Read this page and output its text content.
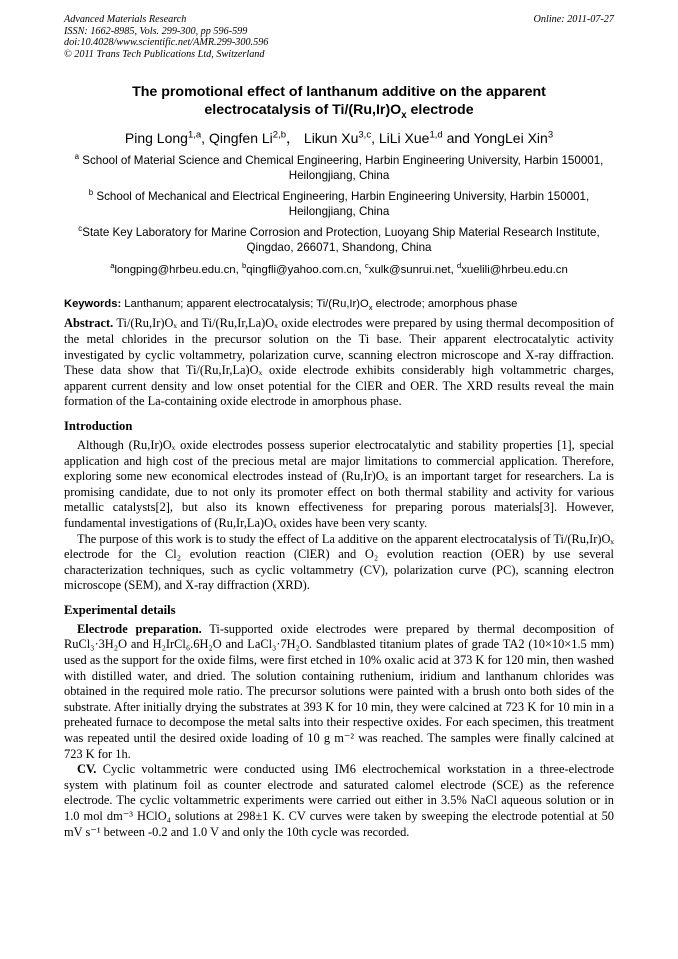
Advanced Materials Research
ISSN: 1662-8985, Vols. 299-300, pp 596-599
doi:10.4028/www.scientific.net/AMR.299-300.596
© 2011 Trans Tech Publications Ltd, Switzerland
Online: 2011-07-27
The promotional effect of lanthanum additive on the apparent
electrocatalysis of $Ti/(Ru,Ir)O_x$ electrode
Ping Long$^{1,a}$, Qingfen Li$^{2,b}$， Likun Xu$^{3,c}$, LiLi Xue$^{1,d}$ and YongLei Xin$^3$
$^a$ School of Material Science and Chemical Engineering, Harbin Engineering University, Harbin 150001, Heilongjiang, China
$^b$ School of Mechanical and Electrical Engineering, Harbin Engineering University, Harbin 150001, Heilongjiang, China
$^c$State Key Laboratory for Marine Corrosion and Protection, Luoyang Ship Material Research Institute, Qingdao, 266071, Shandong, China
$^a$longping@hrbeu.edu.cn, $^b$qingfli@yahoo.com.cn, $^c$xulk@sunrui.net, $^d$xuelili@hrbeu.edu.cn
Keywords: Lanthanum; apparent electrocatalysis; $Ti/(Ru,Ir)O_x$ electrode; amorphous phase
Abstract. Ti/(Ru,Ir)Oₓ and Ti/(Ru,Ir,La)Oₓ oxide electrodes were prepared by using thermal decomposition of the metal chlorides in the precursor solution on the Ti base. Their apparent electrocatalytic activity investigated by cyclic voltammetry, polarization curve, scanning electron microscope and X-ray diffraction. These data show that Ti/(Ru,Ir,La)Oₓ oxide electrode exhibits considerably high voltammetric charges, apparent current density and low onset potential for the ClER and OER. The XRD results reveal the main formation of the La-containing oxide electrode in amorphous phase.
Introduction

Although (Ru,Ir)Oₓ oxide electrodes possess superior electrocatalytic and stability properties [1], special application and high cost of the precious metal are major limitations to commercial application. Therefore, exploring some new economical electrodes instead of (Ru,Ir)Oₓ is an important target for researchers. La is promising candidate, due to not only its promoter effect on both thermal stability and activity for various metallic catalysts[2], but also its known effectiveness for preparing porous materials[3]. However, fundamental investigations of (Ru,Ir,La)Oₓ oxides have been very scanty.

The purpose of this work is to study the effect of La additive on the apparent electrocatalysis of Ti/(Ru,Ir)Oₓ electrode for the Cl₂ evolution reaction (ClER) and O₂ evolution reaction (OER) by use several characterization techniques, such as cyclic voltammetry (CV), polarization curve (PC), scanning electron microscope (SEM), and X-ray diffraction (XRD).

Experimental details

Electrode preparation. Ti-supported oxide electrodes were prepared by thermal decomposition of RuCl₃·3H₂O and H₂IrCl₆.6H₂O and LaCl₃·7H₂O. Sandblasted titanium plates of grade TA2 (10×10×1.5 mm) used as the support for the oxide films, were first etched in 10% oxalic acid at 373 K for 120 min, then washed with distilled water, and dried. The solution containing ruthenium, iridium and lanthanum chlorides was obtained in the required mole ratio. The precursor solutions were painted with a brush onto both sides of the substrate. After initially drying the substrates at 393 K for 10 min, they were calcined at 723 K for 10 min in a preheated furnace to decompose the metal salts into their respective oxides. For each specimen, this treatment was repeated until the desired oxide loading of 10 g m⁻² was reached. The samples were finally calcined at 723 K for 1h.

CV. Cyclic voltammetric were conducted using IM6 electrochemical workstation in a three-electrode system with platinum foil as counter electrode and saturated calomel electrode (SCE) as the reference electrode. The cyclic voltammetric experiments were carried out either in 3.5% NaCl aqueous solution or in 1.0 mol dm⁻³ HClO₄ solutions at 298±1 K. CV curves were taken by sweeping the electrode potential at 50 mV s⁻¹ between -0.2 and 1.0 V and only the 10th cycle was recorded.
